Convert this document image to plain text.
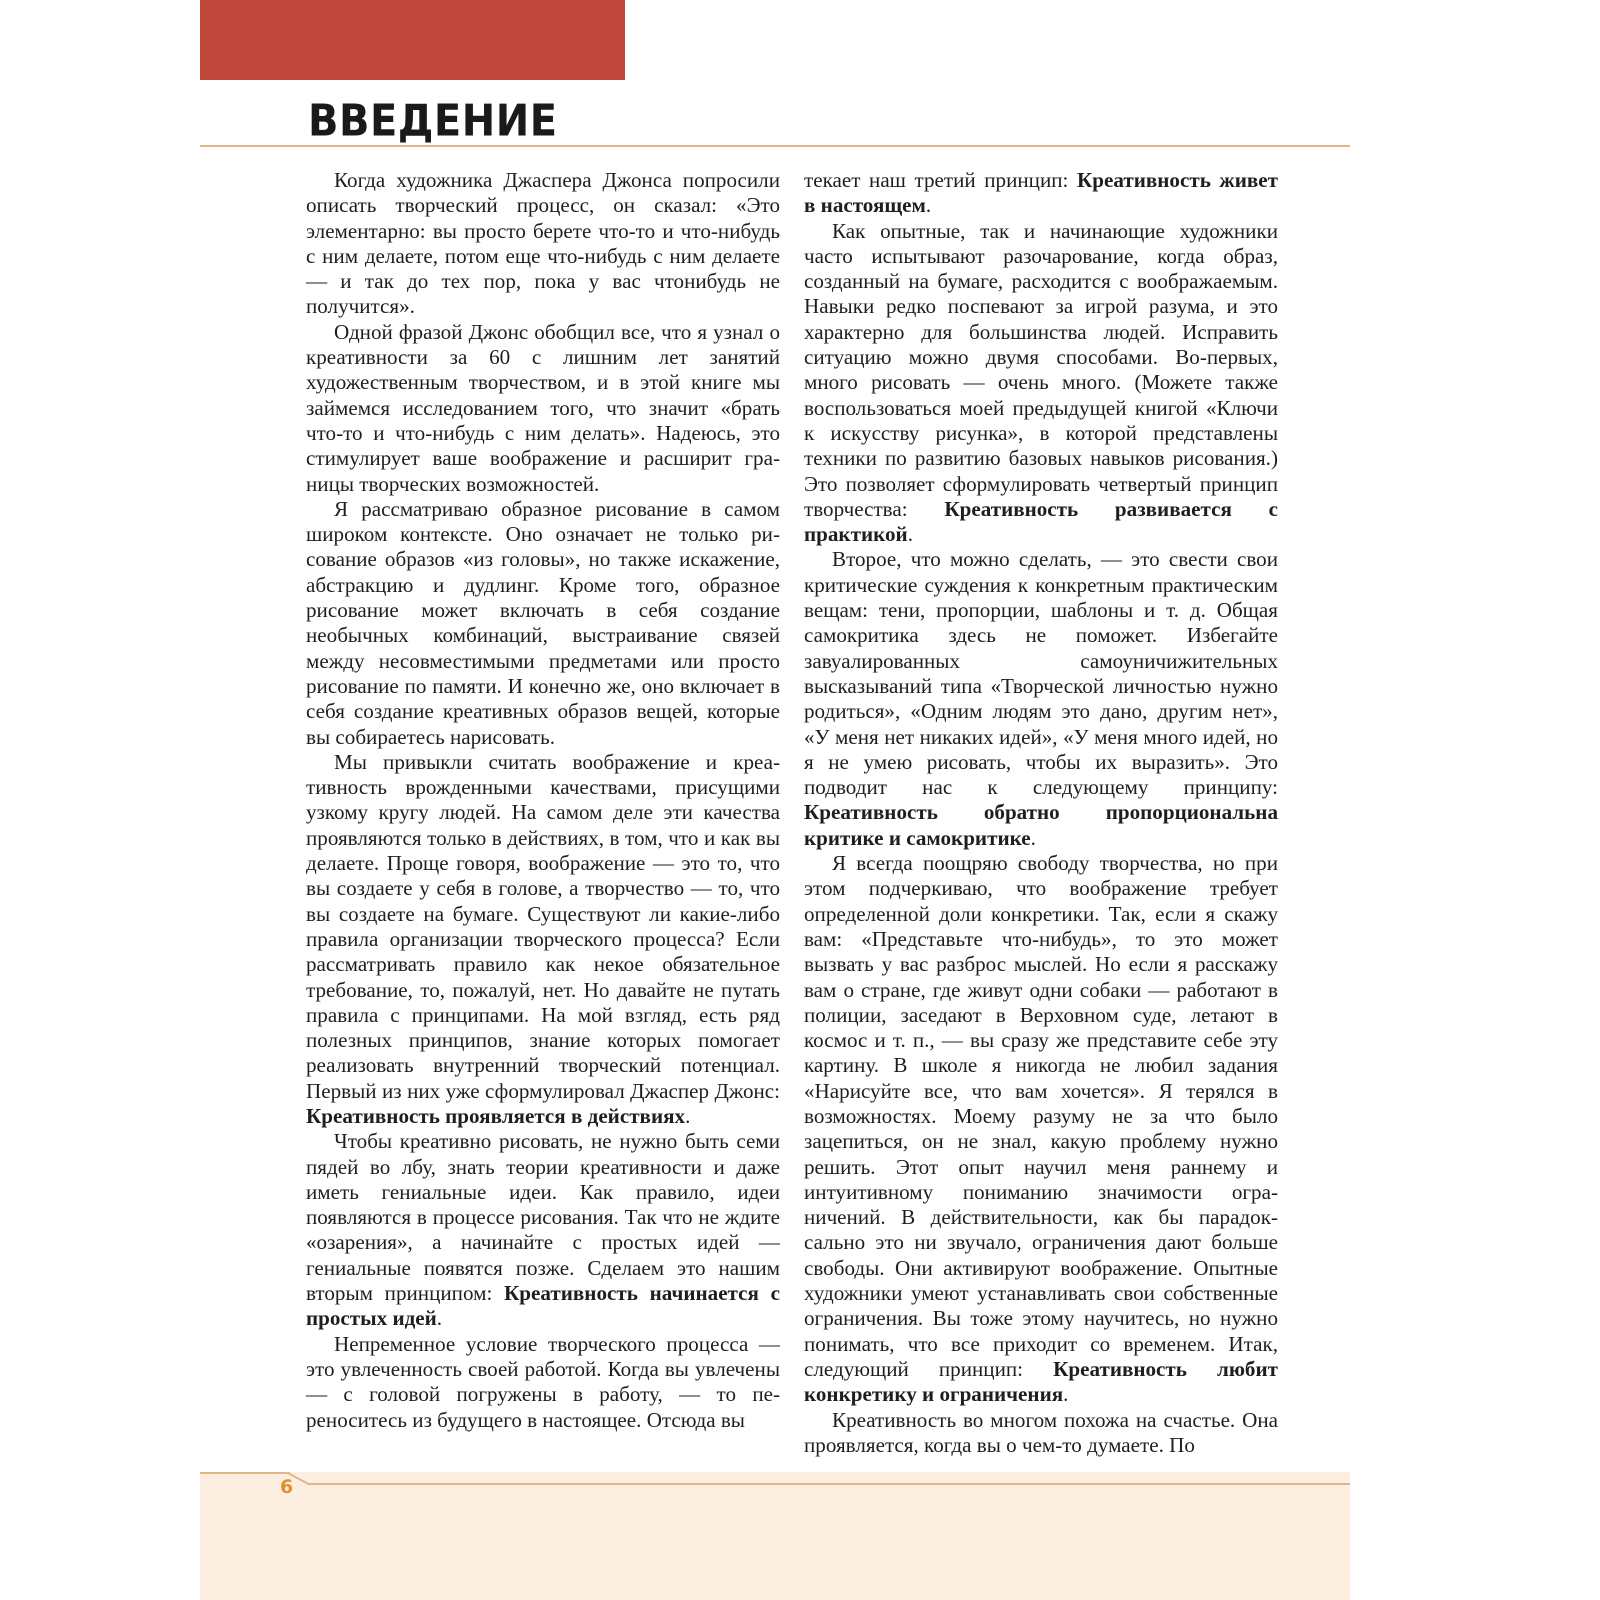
ВВЕДЕНИЕ

Когда художника Джаспера Джонса попросили описать творческий процесс, он сказал: «Это элементарно: вы просто берете что-то и что-нибудь с ним делаете, потом еще что-нибудь с ним делаете — и так до тех пор, пока у вас чтонибудь не получится».

Одной фразой Джонс обобщил все, что я узнал о креативности за 60 с лишним лет занятий художественным творчеством, и в этой книге мы займемся исследованием того, что значит «брать что-то и что-нибудь с ним делать». Надеюсь, это стимулирует ваше воображение и расширит границы творческих возможностей.

Я рассматриваю образное рисование в самом широком контексте. Оно означает не только рисование образов «из головы», но также искажение, абстракцию и дудлинг. Кроме того, образное рисование может включать в себя создание необычных комбинаций, выстраивание связей между несовместимыми предметами или просто рисование по памяти. И конечно же, оно включает в себя создание креативных образов вещей, которые вы собираетесь нарисовать.

Мы привыкли считать воображение и креативность врожденными качествами, присущими узкому кругу людей. На самом деле эти качества проявляются только в действиях, в том, что и как вы делаете. Проще говоря, воображение — это то, что вы создаете у себя в голове, а творчество — то, что вы создаете на бумаге. Существуют ли какие-либо правила организации творческого процесса? Если рассматривать правило как некое обязательное требование, то, пожалуй, нет. Но давайте не путать правила с принципами. На мой взгляд, есть ряд полезных принципов, знание которых помогает реализовать внутренний творческий потенциал. Первый из них уже сформулировал Джаспер Джонс: Креативность проявляется в действиях.

Чтобы креативно рисовать, не нужно быть семи пядей во лбу, знать теории креативности и даже иметь гениальные идеи. Как правило, идеи появляются в процессе рисования. Так что не ждите «озарения», а начинайте с простых идей — гениальные появятся позже. Сделаем это нашим вторым принципом: Креативность начинается с простых идей.

Непременное условие творческого процесса — это увлеченность своей работой. Когда вы увлечены — с головой погружены в работу, — то переноситесь из будущего в настоящее. Отсюда вы

текает наш третий принцип: Креативность живет в настоящем.

Как опытные, так и начинающие художники часто испытывают разочарование, когда образ, созданный на бумаге, расходится с воображаемым. Навыки редко поспевают за игрой разума, и это характерно для большинства людей. Исправить ситуацию можно двумя способами. Во-первых, много рисовать — очень много. (Можете также воспользоваться моей предыдущей книгой «Ключи к искусству рисунка», в которой представлены техники по развитию базовых навыков рисования.) Это позволяет сформулировать четвертый принцип творчества: Креативность развивается с практикой.

Второе, что можно сделать, — это свести свои критические суждения к конкретным практическим вещам: тени, пропорции, шаблоны и т. д. Общая самокритика здесь не поможет. Избегайте завуалированных самоуничижительных высказываний типа «Творческой личностью нужно родиться», «Одним людям это дано, другим нет», «У меня нет никаких идей», «У меня много идей, но я не умею рисовать, чтобы их выразить». Это подводит нас к следующему принципу: Креативность обратно пропорциональна критике и самокритике.

Я всегда поощряю свободу творчества, но при этом подчеркиваю, что воображение требует определенной доли конкретики. Так, если я скажу вам: «Представьте что-нибудь», то это может вызвать у вас разброс мыслей. Но если я расскажу вам о стране, где живут одни собаки — работают в полиции, заседают в Верховном суде, летают в космос и т. п., — вы сразу же представите себе эту картину. В школе я никогда не любил задания «Нарисуйте все, что вам хочется». Я терялся в возможностях. Моему разуму не за что было зацепиться, он не знал, какую проблему нужно решить. Этот опыт научил меня раннему и интуитивному пониманию значимости ограничений. В действительности, как бы парадоксально это ни звучало, ограничения дают больше свободы. Они активируют воображение. Опытные художники умеют устанавливать свои собственные ограничения. Вы тоже этому научитесь, но нужно понимать, что все приходит со временем. Итак, следующий принцип: Креативность любит конкретику и ограничения.

Креативность во многом похожа на счастье. Она проявляется, когда вы о чем-то думаете. По

6
